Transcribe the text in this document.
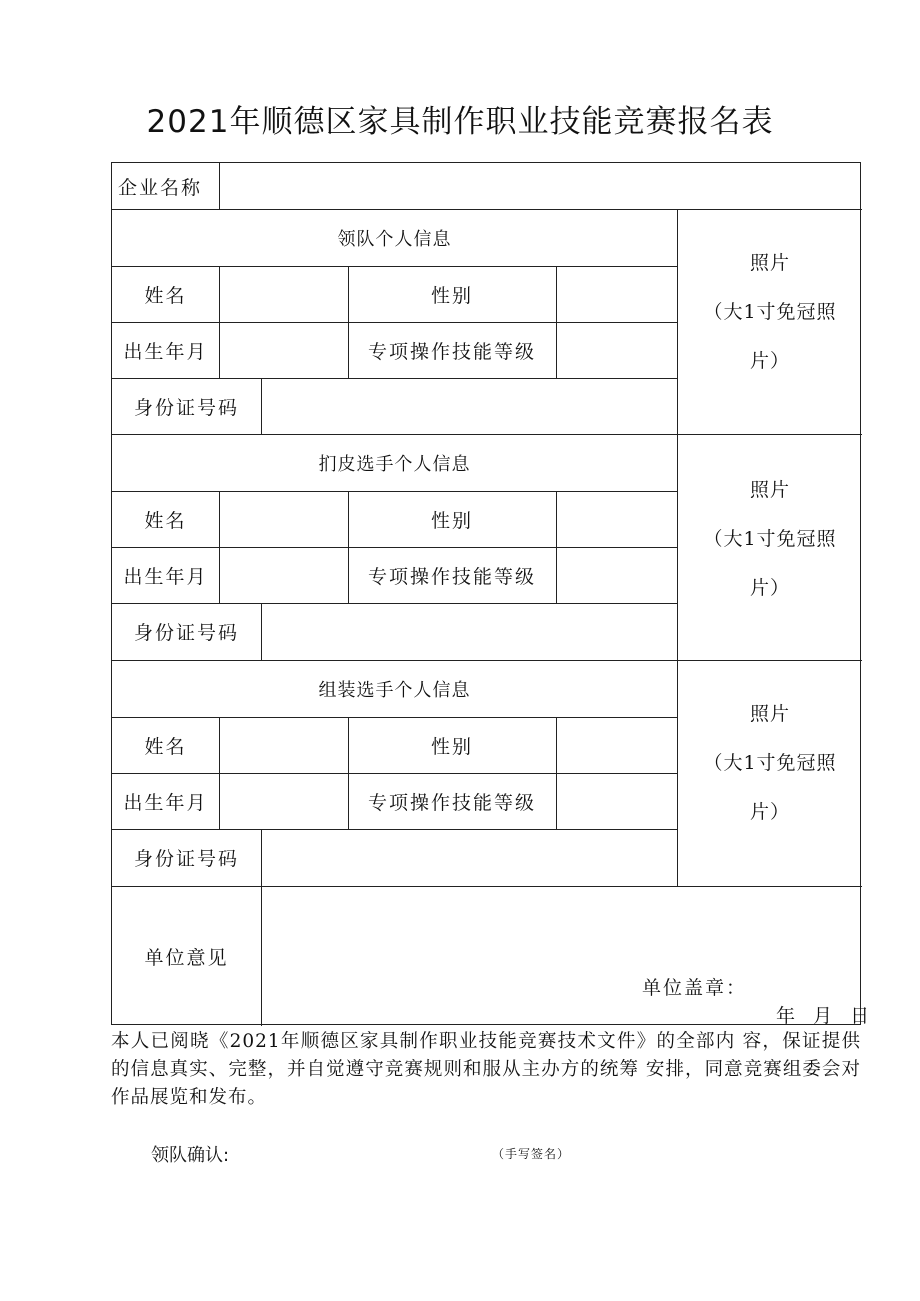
2021年顺德区家具制作职业技能竞赛报名表
企业名称
领队个人信息
姓名	性别
出生年月	专项操作技能等级
身份证号码
照片
（大1寸免冠照
片）
扪皮选手个人信息
姓名	性别
出生年月	专项操作技能等级
身份证号码
照片
（大1寸免冠照
片）
组装选手个人信息
姓名	性别
出生年月	专项操作技能等级
身份证号码
照片
（大1寸免冠照
片）
单位意见
单位盖章：
年  月  日
本人已阅晓《2021年顺德区家具制作职业技能竞赛技术文件》的全部内 容，保证提供的信息真实、完整，并自觉遵守竞赛规则和服从主办方的统筹 安排，同意竞赛组委会对作品展览和发布。
领队确认:	（手写签名）
